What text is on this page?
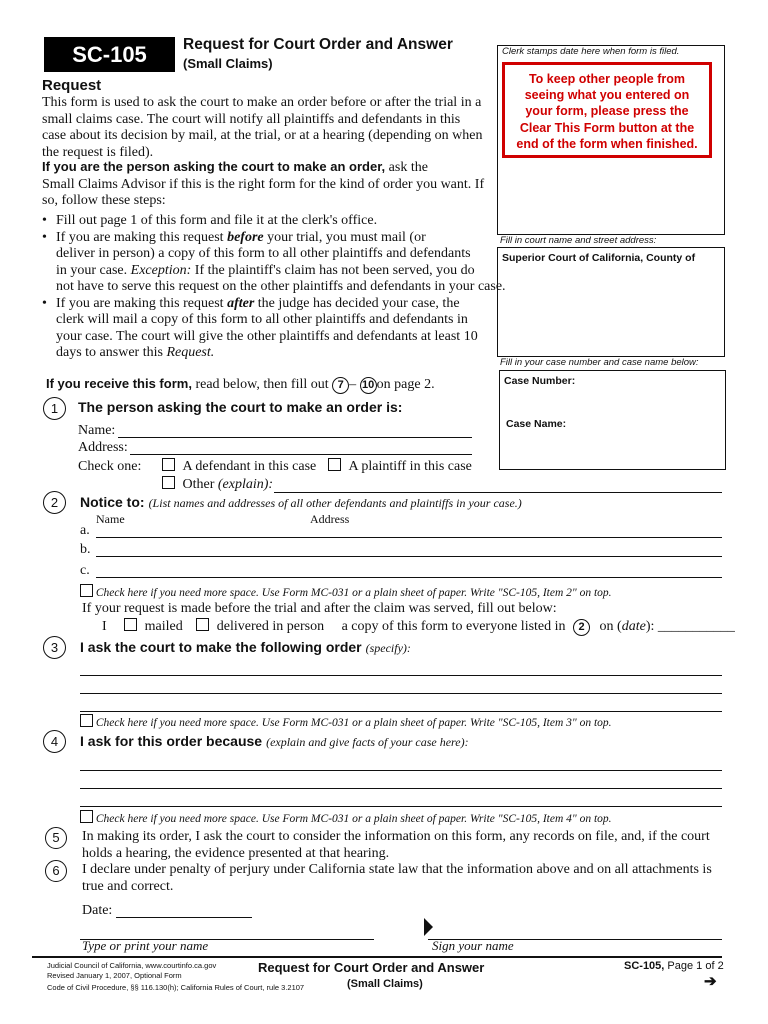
SC-105	Request for Court Order and Answer
(Small Claims)
Clerk stamps date here when form is filed.
To keep other people from
seeing what you entered on
your form, please press the
Clear This Form button at the
end of the form when finished.
Fill in court name and street address:
Superior Court of California, County of
Fill in your case number and case name below:
Case Number:
Case Name:
Request
This form is used to ask the court to make an order before or after the trial in a
small claims case. The court will notify all plaintiffs and defendants in this
case about its decision by mail, at the trial, or at a hearing (depending on when
the request is filed).
If you are the person asking the court to make an order, ask the
Small Claims Advisor if this is the right form for the kind of order you want. If
so, follow these steps:
• Fill out page 1 of this form and file it at the clerk's office.
• If you are making this request before your trial, you must mail (or
deliver in person) a copy of this form to all other plaintiffs and defendants
in your case. Exception: If the plaintiff's claim has not been served, you do
not have to serve this request on the other plaintiffs and defendants in your case.
• If you are making this request after the judge has decided your case, the
clerk will mail a copy of this form to all other plaintiffs and defendants in
your case. The court will give the other plaintiffs and defendants at least 10
days to answer this Request.
If you receive this form, read below, then fill out 7 – 10 on page 2.
1	The person asking the court to make an order is:
Name:
Address:
Check one:	A defendant in this case	A plaintiff in this case
Other (explain):
2	Notice to: (List names and addresses of all other defendants and plaintiffs in your case.)
Name	Address
a.
b.
c.
Check here if you need more space. Use Form MC-031 or a plain sheet of paper. Write "SC-105, Item 2" on top.
If your request is made before the trial and after the claim was served, fill out below:
I	mailed delivered in person a copy of this form to everyone listed in 2 on (date): ___________
3	I ask the court to make the following order (specify):
Check here if you need more space. Use Form MC-031 or a plain sheet of paper. Write "SC-105, Item 3" on top.
4	I ask for this order because (explain and give facts of your case here):
Check here if you need more space. Use Form MC-031 or a plain sheet of paper. Write "SC-105, Item 4" on top.
5	In making its order, I ask the court to consider the information on this form, any records on file, and, if the court
holds a hearing, the evidence presented at that hearing.
6	I declare under penalty of perjury under California state law that the information above and on all attachments is
true and correct.
Date:
Type or print your name	Sign your name
Judicial Council of California, www.courtinfo.ca.gov
Revised January 1, 2007, Optional Form
Code of Civil Procedure, §§ 116.130(h); California Rules of Court, rule 3.2107
Request for Court Order and Answer
(Small Claims)
SC-105, Page 1 of 2
➔
